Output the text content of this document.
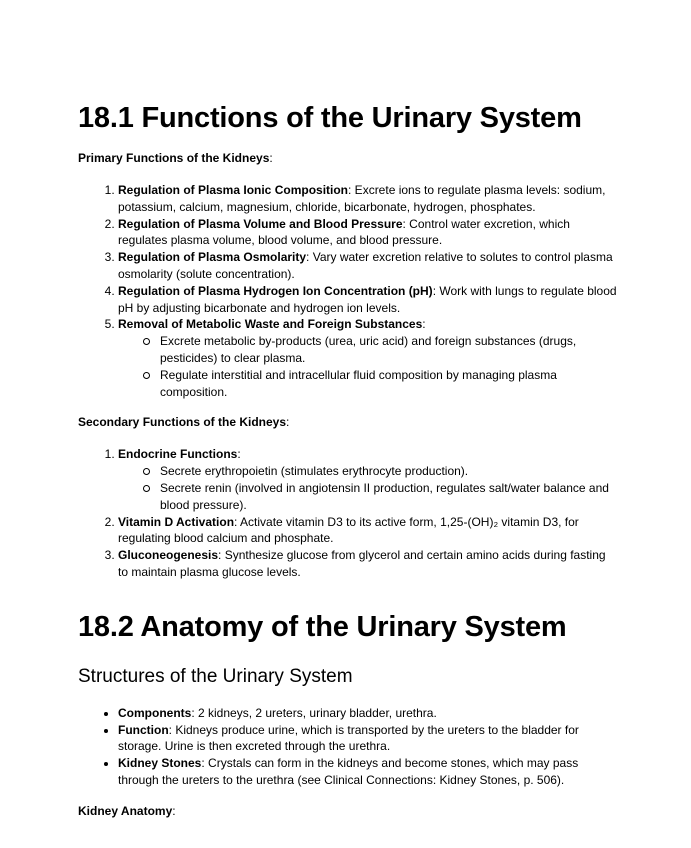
18.1 Functions of the Urinary System

Primary Functions of the Kidneys:

1. Regulation of Plasma Ionic Composition: Excrete ions to regulate plasma levels: sodium, potassium, calcium, magnesium, chloride, bicarbonate, hydrogen, phosphates.
2. Regulation of Plasma Volume and Blood Pressure: Control water excretion, which regulates plasma volume, blood volume, and blood pressure.
3. Regulation of Plasma Osmolarity: Vary water excretion relative to solutes to control plasma osmolarity (solute concentration).
4. Regulation of Plasma Hydrogen Ion Concentration (pH): Work with lungs to regulate blood pH by adjusting bicarbonate and hydrogen ion levels.
5. Removal of Metabolic Waste and Foreign Substances:
Excrete metabolic by-products (urea, uric acid) and foreign substances (drugs, pesticides) to clear plasma.
Regulate interstitial and intracellular fluid composition by managing plasma composition.

Secondary Functions of the Kidneys:

1. Endocrine Functions:
Secrete erythropoietin (stimulates erythrocyte production).
Secrete renin (involved in angiotensin II production, regulates salt/water balance and blood pressure).
2. Vitamin D Activation: Activate vitamin D3 to its active form, 1,25-(OH)₂ vitamin D3, for regulating blood calcium and phosphate.
3. Gluconeogenesis: Synthesize glucose from glycerol and certain amino acids during fasting to maintain plasma glucose levels.
18.2 Anatomy of the Urinary System
Structures of the Urinary System
• Components: 2 kidneys, 2 ureters, urinary bladder, urethra.
• Function: Kidneys produce urine, which is transported by the ureters to the bladder for storage. Urine is then excreted through the urethra.
• Kidney Stones: Crystals can form in the kidneys and become stones, which may pass through the ureters to the urethra (see Clinical Connections: Kidney Stones, p. 506).

Kidney Anatomy:
